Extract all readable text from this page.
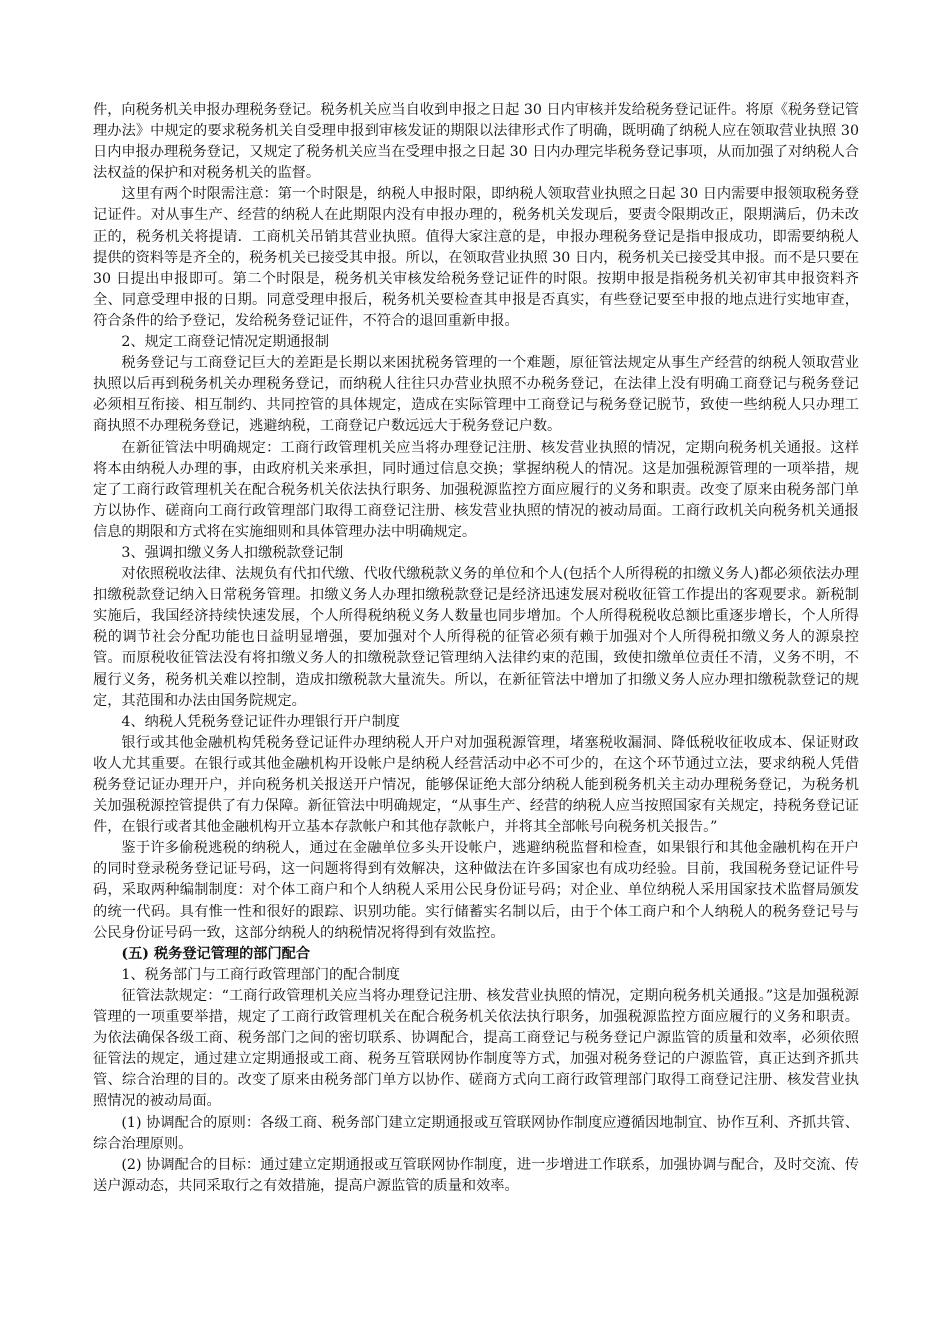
件，向税务机关申报办理税务登记。税务机关应当自收到申报之日起 30 日内审核并发给税务登记证件。将原《税务登记管理办法》中规定的要求税务机关自受理申报到审核发证的期限以法律形式作了明确，既明确了纳税人应在领取营业执照 30 日内申报办理税务登记，又规定了税务机关应当在受理申报之日起 30 日内办理完毕税务登记事项，从而加强了对纳税人合法权益的保护和对税务机关的监督。

这里有两个时限需注意：第一个时限是，纳税人申报时限，即纳税人领取营业执照之日起 30 日内需要申报领取税务登记证件。对从事生产、经营的纳税人在此期限内没有申报办理的，税务机关发现后，要责令限期改正，限期满后，仍未改正的，税务机关将提请．工商机关吊销其营业执照。值得大家注意的是，申报办理税务登记是指申报成功，即需要纳税人提供的资料等是齐全的，税务机关已接受其申报。所以，在领取营业执照 30 日内，税务机关已接受其申报。而不是只要在 30 日提出申报即可。第二个时限是，税务机关审核发给税务登记证件的时限。按期申报是指税务机关初审其申报资料齐全、同意受理申报的日期。同意受理申报后，税务机关要检查其申报是否真实，有些登记要至申报的地点进行实地审查，符合条件的给予登记，发给税务登记证件，不符合的退回重新申报。

2、规定工商登记情况定期通报制

税务登记与工商登记巨大的差距是长期以来困扰税务管理的一个难题，原征管法规定从事生产经营的纳税人领取营业执照以后再到税务机关办理税务登记，而纳税人往往只办营业执照不办税务登记，在法律上没有明确工商登记与税务登记必须相互衔接、相互制约、共同控管的具体规定，造成在实际管理中工商登记与税务登记脱节，致使一些纳税人只办理工商执照不办理税务登记，逃避纳税，工商登记户数远远大于税务登记户数。

在新征管法中明确规定：工商行政管理机关应当将办理登记注册、核发营业执照的情况，定期向税务机关通报。这样将本由纳税人办理的事，由政府机关来承担，同时通过信息交换；掌握纳税人的情况。这是加强税源管理的一项举措，规定了工商行政管理机关在配合税务机关依法执行职务、加强税源监控方面应履行的义务和职责。改变了原来由税务部门单方以协作、磋商向工商行政管理部门取得工商登记注册、核发营业执照的情况的被动局面。工商行政机关向税务机关通报信息的期限和方式将在实施细则和具体管理办法中明确规定。

3、强调扣缴义务人扣缴税款登记制

对依照税收法律、法规负有代扣代缴、代收代缴税款义务的单位和个人(包括个人所得税的扣缴义务人)都必须依法办理扣缴税款登记纳入日常税务管理。扣缴义务人办理扣缴税款登记是经济迅速发展对税收征管工作提出的客观要求。新税制实施后，我国经济持续快速发展，个人所得税纳税义务人数量也同步增加。个人所得税税收总额比重逐步增长，个人所得税的调节社会分配功能也日益明显增强，要加强对个人所得税的征管必须有赖于加强对个人所得税扣缴义务人的源泉控管。而原税收征管法没有将扣缴义务人的扣缴税款登记管理纳入法律约束的范围，致使扣缴单位责任不清，义务不明，不履行义务，税务机关难以控制，造成扣缴税款大量流失。所以，在新征管法中增加了扣缴义务人应办理扣缴税款登记的规定，其范围和办法由国务院规定。

4、纳税人凭税务登记证件办理银行开户制度

银行或其他金融机构凭税务登记证件办理纳税人开户对加强税源管理，堵塞税收漏洞、降低税收征收成本、保证财政收人尤其重要。在银行或其他金融机构开设帐户是纳税人经营活动中必不可少的，在这个环节通过立法，要求纳税人凭借税务登记证办理开户，并向税务机关报送开户情况，能够保证绝大部分纳税人能到税务机关主动办理税务登记，为税务机关加强税源控管提供了有力保障。新征管法中明确规定，“从事生产、经营的纳税人应当按照国家有关规定，持税务登记证件，在银行或者其他金融机构开立基本存款帐户和其他存款帐户，并将其全部帐号向税务机关报告。”

鉴于许多偷税逃税的纳税人，通过在金融单位多头开设帐户，逃避纳税监督和检查，如果银行和其他金融机构在开户的同时登录税务登记证号码，这一问题将得到有效解决，这种做法在许多国家也有成功经验。目前，我国税务登记证件号码，采取两种编制制度：对个体工商户和个人纳税人采用公民身份证号码；对企业、单位纳税人采用国家技术监督局颁发的统一代码。具有惟一性和很好的跟踪、识别功能。实行储蓄实名制以后，由于个体工商户和个人纳税人的税务登记号与公民身份证号码一致，这部分纳税人的纳税情况将得到有效监控。

(五) 税务登记管理的部门配合

1、税务部门与工商行政管理部门的配合制度

征管法款规定：“工商行政管理机关应当将办理登记注册、核发营业执照的情况，定期向税务机关通报。”这是加强税源管理的一项重要举措，规定了工商行政管理机关在配合税务机关依法执行职务，加强税源监控方面应履行的义务和职责。为依法确保各级工商、税务部门之间的密切联系、协调配合，提高工商登记与税务登记户源监管的质量和效率，必须依照征管法的规定，通过建立定期通报或工商、税务互管联网协作制度等方式，加强对税务登记的户源监管，真正达到齐抓共管、综合治理的目的。改变了原来由税务部门单方以协作、磋商方式向工商行政管理部门取得工商登记注册、核发营业执照情况的被动局面。

(1) 协调配合的原则：各级工商、税务部门建立定期通报或互管联网协作制度应遵循因地制宜、协作互利、齐抓共管、综合治理原则。

(2) 协调配合的目标：通过建立定期通报或互管联网协作制度，进一步增进工作联系，加强协调与配合，及时交流、传送户源动态，共同采取行之有效措施，提高户源监管的质量和效率。
